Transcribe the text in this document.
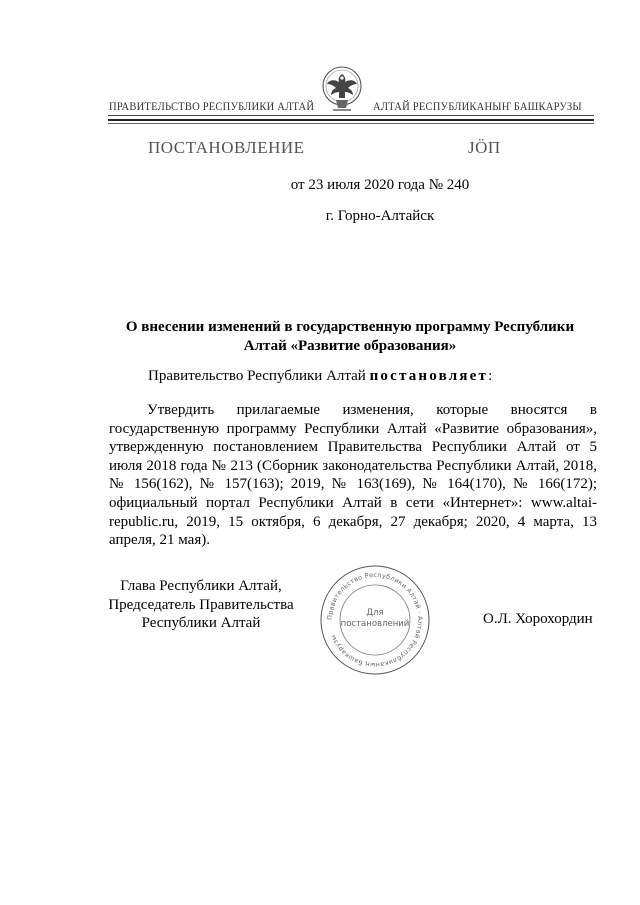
ПРАВИТЕЛЬСТВО РЕСПУБЛИКИ АЛТАЙ	АЛТАЙ РЕСПУБЛИКАНЫҤ БАШКАРУЗЫ
ПОСТАНОВЛЕНИЕ	JӦП
от 23 июля 2020 года № 240
г. Горно-Алтайск
О внесении изменений в государственную программу Республики Алтай «Развитие образования»
Правительство Республики Алтай постановляет:
Утвердить прилагаемые изменения, которые вносятся в государственную программу Республики Алтай «Развитие образования», утвержденную постановлением Правительства Республики Алтай от 5 июля 2018 года № 213 (Сборник законодательства Республики Алтай, 2018, № 156(162), № 157(163); 2019, № 163(169), № 164(170), № 166(172); официальный портал Республики Алтай в сети «Интернет»: www.altai-republic.ru, 2019, 15 октября, 6 декабря, 27 декабря; 2020, 4 марта, 13 апреля, 21 мая).
Глава Республики Алтай,
Председатель Правительства
Республики Алтай	Правительство Республики Алтай · Алтай Республиканың Башкарузы
Для
постановлений	О.Л. Хорохордин
